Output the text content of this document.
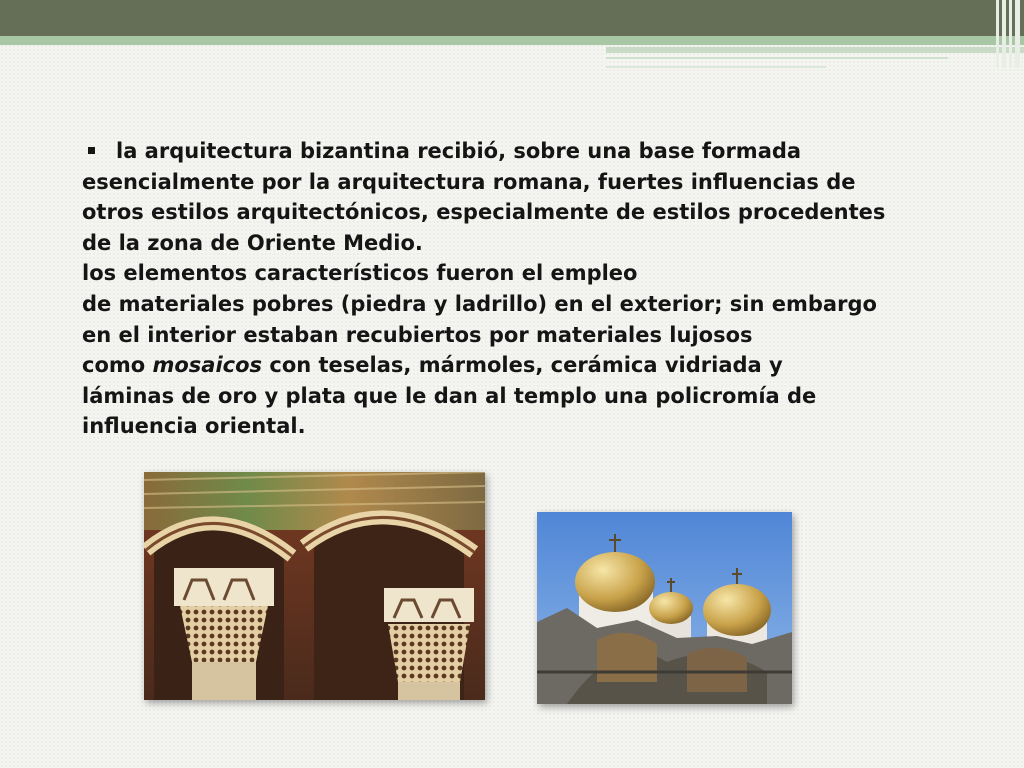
la arquitectura bizantina recibió, sobre una base formada
esencialmente por la arquitectura romana, fuertes influencias de
otros estilos arquitectónicos, especialmente de estilos procedentes
de la zona de Oriente Medio.
los elementos característicos fueron el empleo
de materiales pobres (piedra y ladrillo) en el exterior; sin embargo
en el interior estaban recubiertos por materiales lujosos
como mosaicos con teselas, mármoles, cerámica vidriada y
láminas de oro y plata que le dan al templo una policromía de
influencia oriental.
